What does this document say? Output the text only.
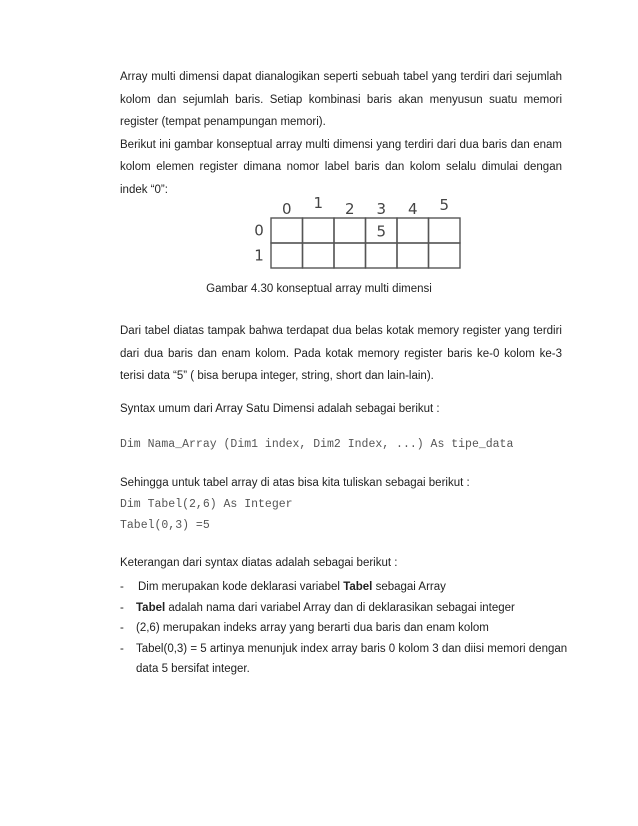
Array multi dimensi dapat dianalogikan seperti sebuah tabel yang terdiri dari sejumlah kolom dan sejumlah baris. Setiap kombinasi baris akan menyusun suatu memori register (tempat penampungan memori).

Berikut ini gambar konseptual array multi dimensi yang terdiri dari dua baris dan enam kolom elemen register dimana nomor label baris dan kolom selalu dimulai dengan indek “0”:

0 1 2 3 4 5
0
1
5

Gambar 4.30 konseptual array multi dimensi

Dari tabel diatas tampak bahwa terdapat dua belas kotak memory register yang terdiri dari dua baris dan enam kolom. Pada kotak memory register baris ke-0 kolom ke-3 terisi data “5” ( bisa berupa integer, string, short dan lain-lain).

Syntax umum dari Array Satu Dimensi adalah sebagai berikut :

Dim Nama_Array (Dim1 index, Dim2 Index, ...) As tipe_data

Sehingga untuk tabel array di atas bisa kita tuliskan sebagai berikut :

Dim Tabel(2,6) As Integer

Tabel(0,3) =5

Keterangan dari syntax diatas adalah sebagai berikut :

- Dim merupakan kode deklarasi variabel Tabel sebagai Array
- Tabel adalah nama dari variabel Array dan di deklarasikan sebagai integer
- (2,6) merupakan indeks array yang berarti dua baris dan enam kolom
- Tabel(0,3) = 5 artinya menunjuk index array baris 0 kolom 3 dan diisi memori dengan data 5 bersifat integer.
